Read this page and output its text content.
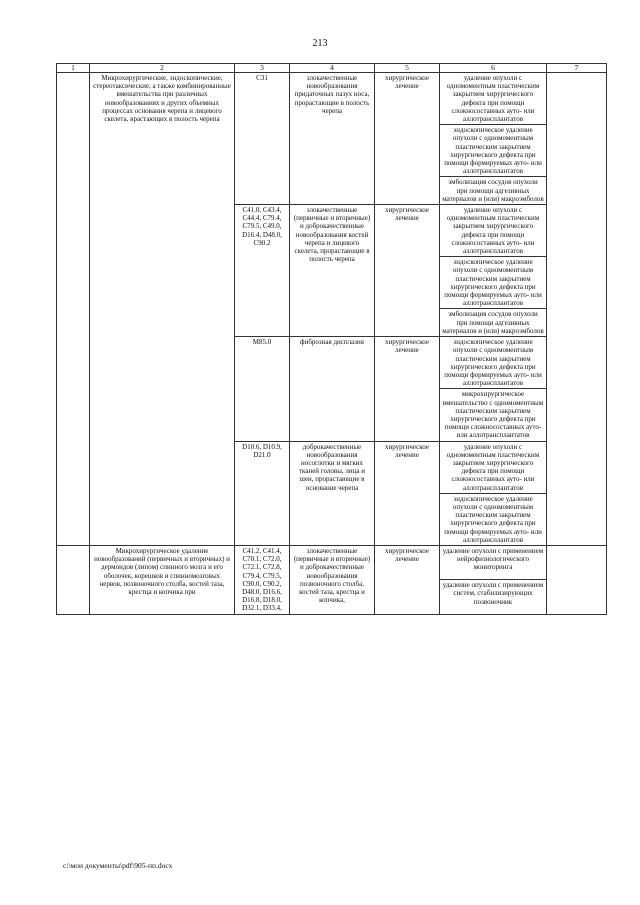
213
1	2	3	4	5	6	7
	Микрохирургические, эндоскопические, стереотаксические, а также комбинированные вмешательства при различных новообразованиях и других объемных процессах основания черепа и лицевого скелета, врастающих в полость черепа	C31	злокачественные новообразования придаточных пазух носа, прорастающие в полость черепа	хирургическое лечение	удаление опухоли с одномоментным пластическим закрытием хирургического дефекта при помощи сложносоставных ауто- или аллотрансплантатов	
					эндоскопическое удаление опухоли с одномоментным пластическим закрытием хирургического дефекта при помощи формируемых ауто- или аллотрансплантатов	
					эмболизация сосудов опухоли при помощи адгезивных материалов и (или) макроэмболов	
		C41.0, C43.4, C44.4, C79.4, C79.5, C49.0, D16.4, D48.0, C90.2	злокачественные (первичные и вторичные) и доброкачественные новообразования костей черепа и лицевого скелета, прорастающие в полость черепа	хирургическое лечение	удаление опухоли с одномоментным пластическим закрытием хирургического дефекта при помощи сложносоставных ауто- или аллотрансплантатов	
					эндоскопическое удаление опухоли с одномоментным пластическим закрытием хирургического дефекта при помощи формируемых ауто- или аллотрансплантатов	
					эмболизация сосудов опухоли при помощи адгезивных материалов и (или) макроэмболов	
		M85.0	фиброзная дисплазия	хирургическое лечение	эндоскопическое удаление опухоли с одномоментным пластическим закрытием хирургического дефекта при помощи формируемых ауто- или аллотрансплантатов	
					микрохирургическое вмешательство с одномоментным пластическим закрытием хирургического дефекта при помощи сложносоставных ауто- или аллотрансплантатов	
		D10.6, D10.9, D21.0	доброкачественные новообразования носоглотки и мягких тканей головы, лица и шеи, прорастающие в основание черепа	хирургическое лечение	удаление опухоли с одномоментным пластическим закрытием хирургического дефекта при помощи сложносоставных ауто- или аллотрансплантатов	
					эндоскопическое удаление опухоли с одномоментным пластическим закрытием хирургического дефекта при помощи формируемых ауто- или аллотрансплантатов	
	Микрохирургическое удаление новообразований (первичных и вторичных) и дермоидов (липом) спинного мозга и его оболочек, корешков и спинномозговых нервов, позвоночного столба, костей таза, крестца и копчика при	C41.2, C41.4, C70.1, C72.0, C72.1, C72.8, C79.4, C79.5, C90.0, C90.2, D48.0, D16.6, D16.8, D18.0, D32.1, D33.4,	злокачественные (первичные и вторичные) и доброкачественные новообразования позвоночного столба, костей таза, крестца и копчика,	хирургическое лечение	удаление опухоли с применением нейрофизиологического мониторинга	
					удаление опухоли с применением систем, стабилизирующих позвоночник	
c:\мои документы\pdf\905-пп.docx
